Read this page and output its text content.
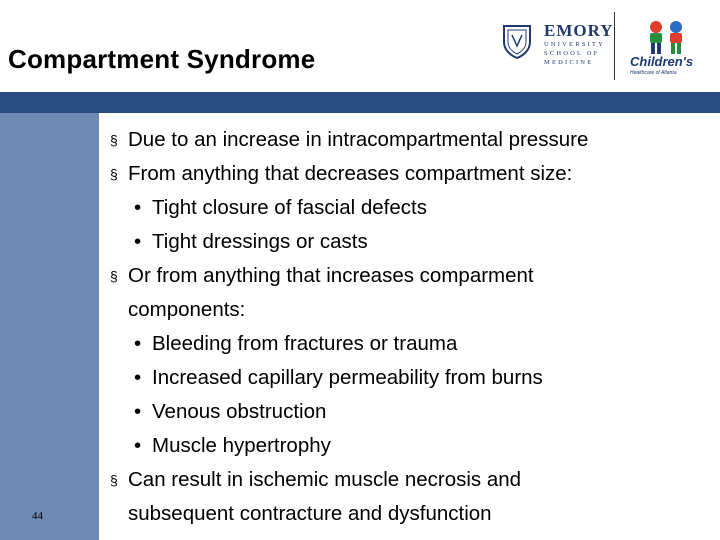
Compartment Syndrome
EMORY
UNIVERSITY
SCHOOL OF
MEDICINE	Children's
Healthcare of Atlanta
44
§ Due to an increase in intracompartmental pressure
§ From anything that decreases compartment size:
• Tight closure of fascial defects
• Tight dressings or casts
§ Or from anything that increases comparment
components:
• Bleeding from fractures or trauma
• Increased capillary permeability from burns
• Venous obstruction
• Muscle hypertrophy
§ Can result in ischemic muscle necrosis and
subsequent contracture and dysfunction
